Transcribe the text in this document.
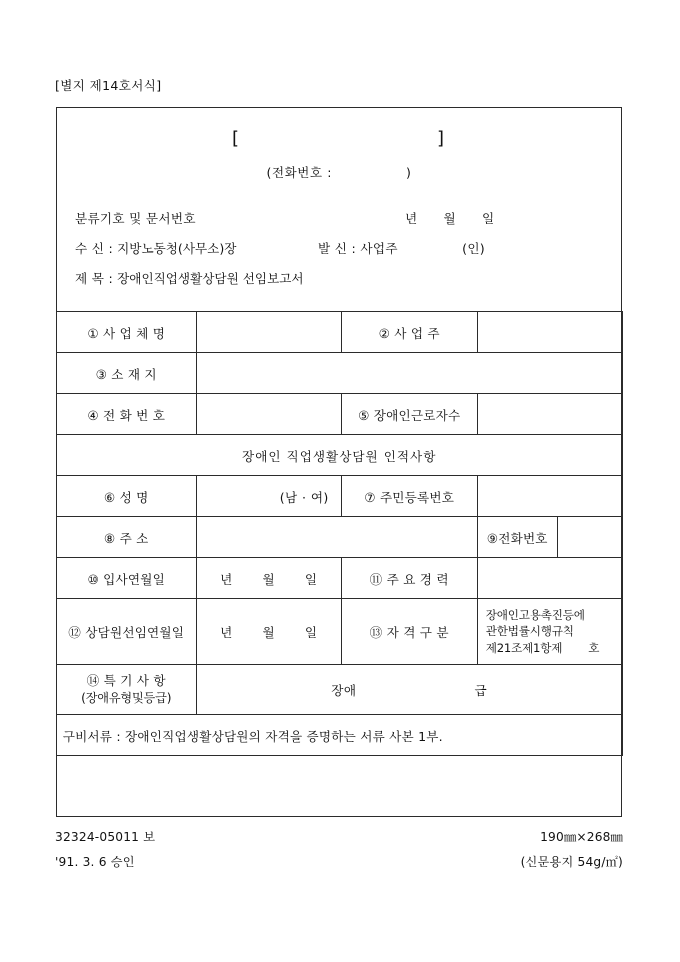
[별지 제14호서식]
[	]
(전화번호 :	)
분류기호 및 문서번호	년 월 일
수 신 : 지방노동청(사무소)장	발 신 : 사업주	(인)
제 목 : 장애인직업생활상담원 선임보고서
① 사 업 체 명		② 사 업 주		
③ 소 재 지				
④ 전 화 번 호		⑤ 장애인근로자수		
장애인 직업생활상담원 인적사항				
⑥ 성 명	(남 · 여)	⑦ 주민등록번호		
⑧ 주 소			⑨전화번호	
⑩ 입사연월일	년 월 일	⑪ 주 요 경 력		
⑫ 상담원선임연월일	년 월 일	⑬ 자 격 구 분	장애인고용촉진등에
관한법률시행규칙
제21조제1항제 호	

⑭ 특 기 사 항
(장애유형및등급)	장애 급			

구비서류 : 장애인직업생활상담원의 자격을 증명하는 서류 사본 1부.				
32324-05011 보	190㎜×268㎜
'91. 3. 6 승인	(신문용지 54g/㎡)
